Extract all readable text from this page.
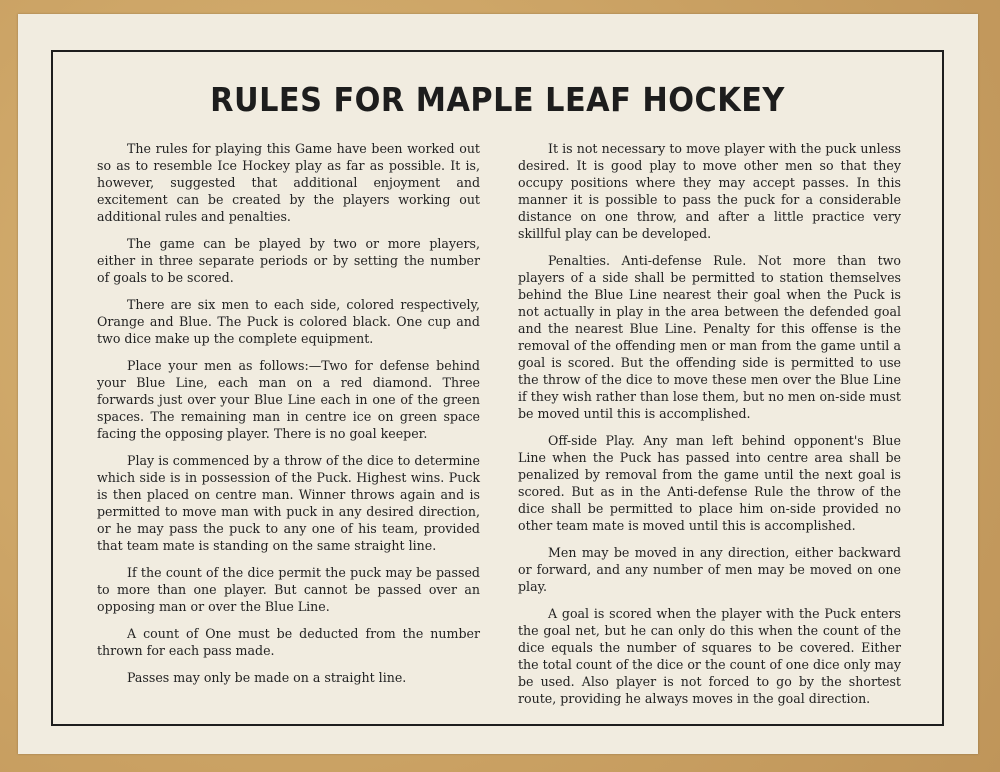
RULES FOR MAPLE LEAF HOCKEY

The rules for playing this Game have been worked out so as to resemble Ice Hockey play as far as possible. It is, however, suggested that additional enjoyment and excitement can be created by the players working out additional rules and penalties.

The game can be played by two or more players, either in three separate periods or by setting the number of goals to be scored.

There are six men to each side, colored respectively, Orange and Blue. The Puck is colored black. One cup and two dice make up the complete equipment.

Place your men as follows:—Two for defense behind your Blue Line, each man on a red diamond. Three forwards just over your Blue Line each in one of the green spaces. The remaining man in centre ice on green space facing the opposing player. There is no goal keeper.

Play is commenced by a throw of the dice to determine which side is in possession of the Puck. Highest wins. Puck is then placed on centre man. Winner throws again and is permitted to move man with puck in any desired direction, or he may pass the puck to any one of his team, provided that team mate is standing on the same straight line.

If the count of the dice permit the puck may be passed to more than one player. But cannot be passed over an opposing man or over the Blue Line.

A count of One must be deducted from the number thrown for each pass made.

Passes may only be made on a straight line.

It is not necessary to move player with the puck unless desired. It is good play to move other men so that they occupy positions where they may accept passes. In this manner it is possible to pass the puck for a considerable distance on one throw, and after a little practice very skillful play can be developed.

Penalties. Anti-defense Rule. Not more than two players of a side shall be permitted to station themselves behind the Blue Line nearest their goal when the Puck is not actually in play in the area between the defended goal and the nearest Blue Line. Penalty for this offense is the removal of the offending men or man from the game until a goal is scored. But the offending side is permitted to use the throw of the dice to move these men over the Blue Line if they wish rather than lose them, but no men on-side must be moved until this is accomplished.

Off-side Play. Any man left behind opponent's Blue Line when the Puck has passed into centre area shall be penalized by removal from the game until the next goal is scored. But as in the Anti-defense Rule the throw of the dice shall be permitted to place him on-side provided no other team mate is moved until this is accomplished.

Men may be moved in any direction, either backward or forward, and any number of men may be moved on one play.

A goal is scored when the player with the Puck enters the goal net, but he can only do this when the count of the dice equals the number of squares to be covered. Either the total count of the dice or the count of one dice only may be used. Also player is not forced to go by the shortest route, providing he always moves in the goal direction.
